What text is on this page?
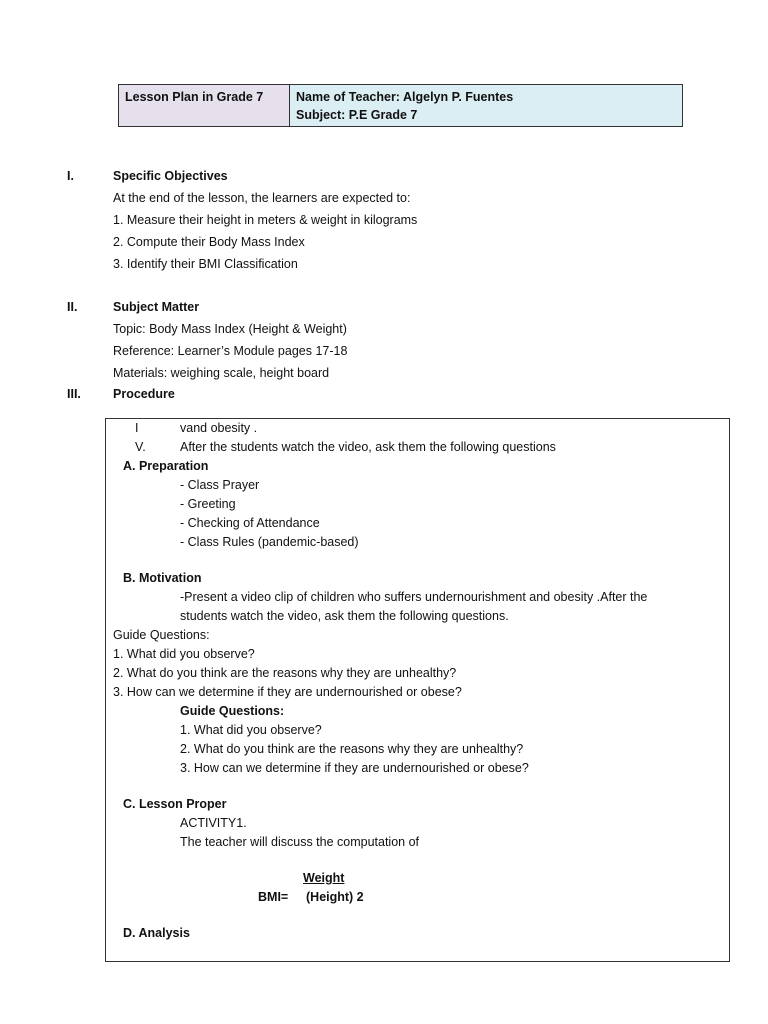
Lesson Plan in Grade 7	Name of Teacher: Algelyn P. Fuentes
Subject: P.E Grade 7
I.	Specific Objectives
At the end of the lesson, the learners are expected to:
1. Measure their height in meters & weight in kilograms
2. Compute their Body Mass Index
3. Identify their BMI Classification
II.	Subject Matter
Topic: Body Mass Index (Height & Weight)
Reference: Learner’s Module pages 17-18
Materials: weighing scale, height board
III.	Procedure
I	vаnd obesity .
V.	After the students watch the video, ask them the following questions
A. Preparation
- Class Prayer
- Greeting
- Checking of Attendance
- Class Rules (pandemic-based)
B. Motivation
-Present a video clip of children who suffers undernourishment and obesity .After the
students watch the video, ask them the following questions.
Guide Questions:
1. What did you observe?
2. What do you think are the reasons why they are unhealthy?
3. How can we determine if they are undernourished or obese?
Guide Questions:
1. What did you observe?
2. What do you think are the reasons why they are unhealthy?
3. How can we determine if they are undernourished or obese?
C. Lesson Proper
ACTIVITY1.
The teacher will discuss the computation of
Weight
BMI= (Height) 2
D. Analysis
